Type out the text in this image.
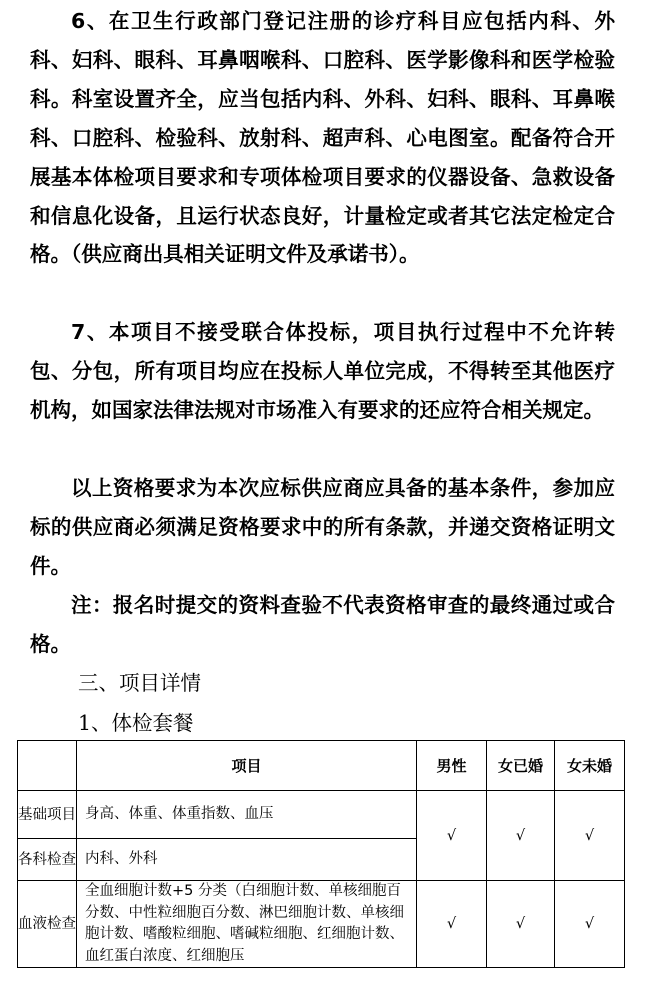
6、在卫生行政部门登记注册的诊疗科目应包括内科、外科、妇科、眼科、耳鼻咽喉科、口腔科、医学影像科和医学检验科。科室设置齐全，应当包括内科、外科、妇科、眼科、耳鼻喉科、口腔科、检验科、放射科、超声科、心电图室。配备符合开展基本体检项目要求和专项体检项目要求的仪器设备、急救设备和信息化设备，且运行状态良好，计量检定或者其它法定检定合格。（供应商出具相关证明文件及承诺书）。

7、本项目不接受联合体投标，项目执行过程中不允许转包、分包，所有项目均应在投标人单位完成，不得转至其他医疗机构，如国家法律法规对市场准入有要求的还应符合相关规定。

以上资格要求为本次应标供应商应具备的基本条件，参加应标的供应商必须满足资格要求中的所有条款，并递交资格证明文件。

注：报名时提交的资料查验不代表资格审查的最终通过或合格。

三、项目详情

1、体检套餐

	项目	男性	女已婚	女未婚
基础项目	身高、体重、体重指数、血压	√	√	√
各科检查	内科、外科			
血液检查	全血细胞计数+5 分类（白细胞计数、单核细胞百分数、中性粒细胞百分数、淋巴细胞计数、单核细胞计数、嗜酸粒细胞、嗜碱粒细胞、红细胞计数、血红蛋白浓度、红细胞压	√	√	√
